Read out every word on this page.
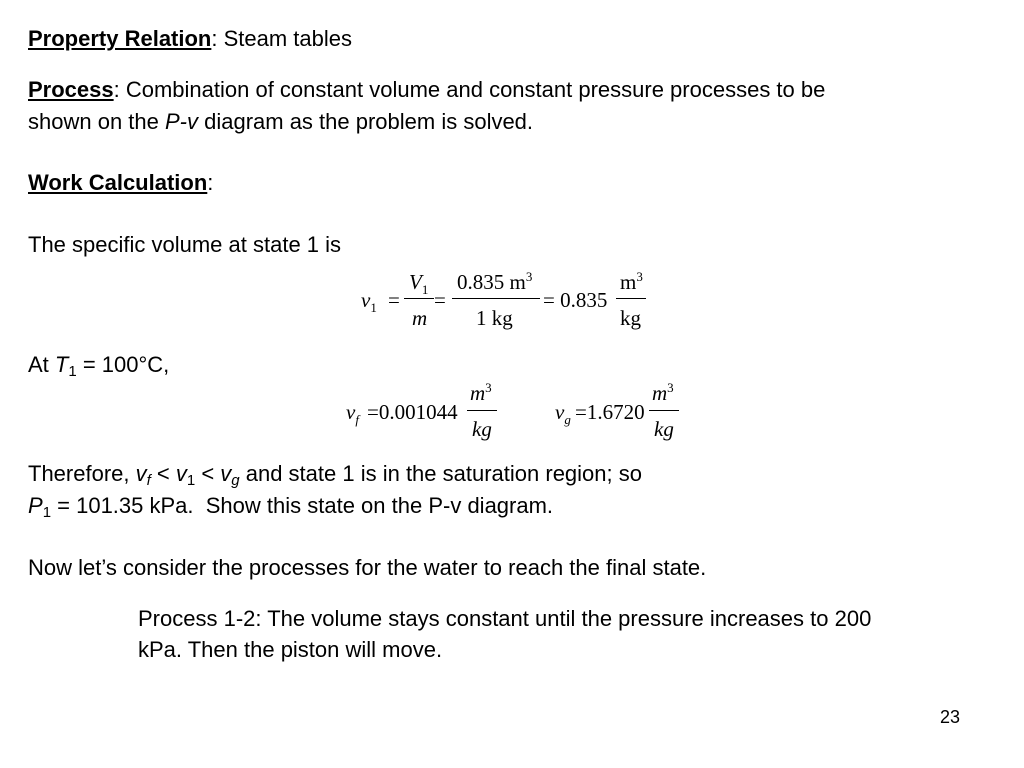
Property Relation: Steam tables
Process: Combination of constant volume and constant pressure processes to be
shown on the P-v diagram as the problem is solved.
Work Calculation:
The specific volume at state 1 is
$v_1$ =
$V_1$
m
=
0.835 $m^3$
1 kg
= 0.835
$m^3$
kg
At $T_1 = 100^\circ C$,
$v_f =0.001044$
$m^3$
kg
$v_g =1.6720$
$m^3$
kg
Therefore, $v_f < v_1 < v_g$ and state 1 is in the saturation region; so
$P_1 = 101.35$ kPa.  Show this state on the P-v diagram.
Now let’s consider the processes for the water to reach the final state.
Process 1-2: The volume stays constant until the pressure increases to 200
kPa. Then the piston will move.
23
